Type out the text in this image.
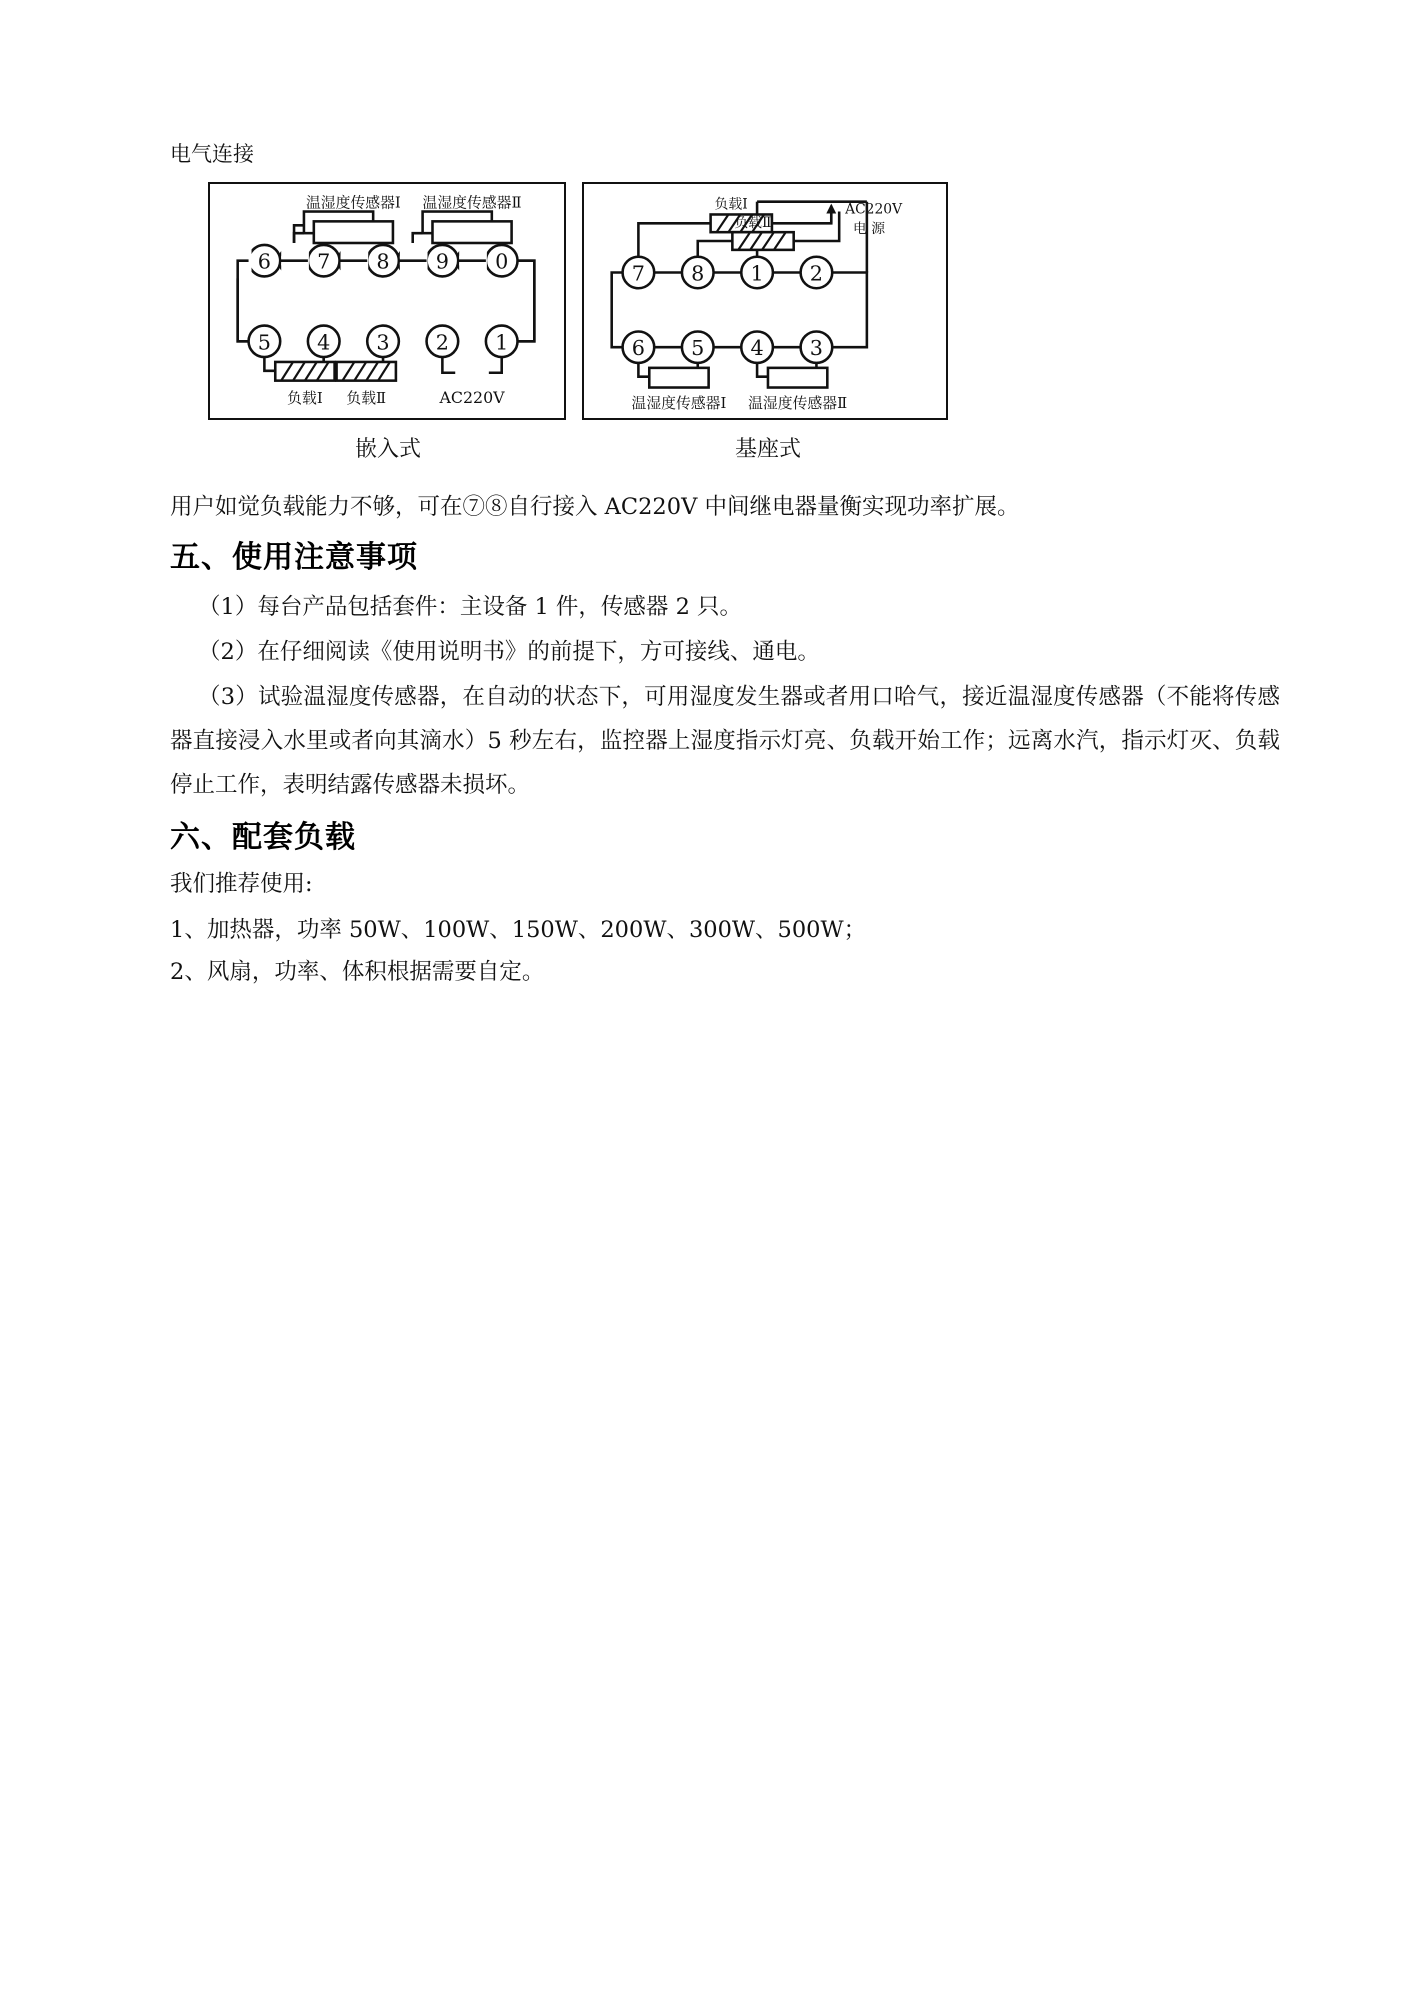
电气连接
6 7 8 9 0
5 4 3 2 1
温湿度传感器Ⅰ 温湿度传感器Ⅱ
负载Ⅰ 负载Ⅱ	AC220V
7 8 1 2
6 5 4 3
负载Ⅰ
负载Ⅱ
AC220V
电 源
温湿度传感器Ⅰ 温湿度传感器Ⅱ
嵌入式	基座式
用户如觉负载能力不够，可在⑦⑧自行接入 AC220V 中间继电器量衡实现功率扩展。
五、使用注意事项
（1）每台产品包括套件：主设备 1 件，传感器 2 只。
（2）在仔细阅读《使用说明书》的前提下，方可接线、通电。
（3）试验温湿度传感器，在自动的状态下，可用湿度发生器或者用口哈气，接近温湿度传感器（不能将传感器直接浸入水里或者向其滴水）5 秒左右，监控器上湿度指示灯亮、负载开始工作；远离水汽，指示灯灭、负载停止工作，表明结露传感器未损坏。
六、配套负载
我们推荐使用:
1、加热器，功率 50W、100W、150W、200W、300W、500W；
2、风扇，功率、体积根据需要自定。
